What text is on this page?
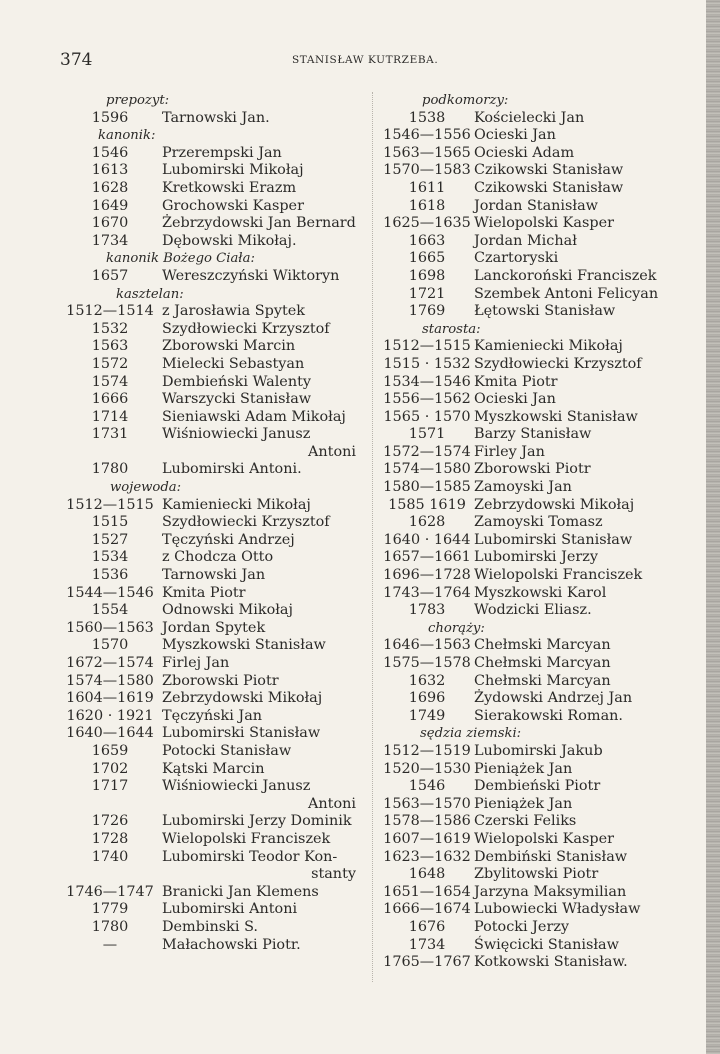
374	STANISŁAW KUTRZEBA.
prepozyt:
1596	Tarnowski Jan.
kanonik:
1546	Przerempski Jan
1613	Lubomirski Mikołaj
1628	Kretkowski Erazm
1649	Grochowski Kasper
1670	Żebrzydowski Jan Bernard
1734	Dębowski Mikołaj.
kanonik Bożego Ciała:
1657	Wereszczyński Wiktoryn
kasztelan:
1512—1514 z Jarosławia Spytek
1532	Szydłowiecki Krzysztof
1563	Zborowski Marcin
1572	Mielecki Sebastyan
1574	Dembieński Walenty
1666	Warszycki Stanisław
1714	Sieniawski Adam Mikołaj
1731	Wiśniowiecki Janusz
Antoni
1780	Lubomirski Antoni.
wojewoda:
1512—1515 Kamieniecki Mikołaj
1515	Szydłowiecki Krzysztof
1527	Tęczyński Andrzej
1534	z Chodcza Otto
1536	Tarnowski Jan
1544—1546 Kmita Piotr
1554	Odnowski Mikołaj
1560—1563 Jordan Spytek
1570	Myszkowski Stanisław
1672—1574 Firlej Jan
1574—1580 Zborowski Piotr
1604—1619 Zebrzydowski Mikołaj
1620 · 1921 Tęczyński Jan
1640—1644 Lubomirski Stanisław
1659	Potocki Stanisław
1702	Kątski Marcin
1717	Wiśniowiecki Janusz
Antoni
1726	Lubomirski Jerzy Dominik
1728	Wielopolski Franciszek
1740	Lubomirski Teodor Kon-
stanty
1746—1747 Branicki Jan Klemens
1779	Lubomirski Antoni
1780	Dembinski S.
—	Małachowski Piotr.
podkomorzy:
1538	Kościelecki Jan
1546—1556 Ocieski Jan
1563—1565 Ocieski Adam
1570—1583 Czikowski Stanisław
1611	Czikowski Stanisław
1618	Jordan Stanisław
1625—1635 Wielopolski Kasper
1663	Jordan Michał
1665	Czartoryski
1698	Lanckoroński Franciszek
1721	Szembek Antoni Felicyan
1769	Łętowski Stanisław
starosta:
1512—1515 Kamieniecki Mikołaj
1515 · 1532 Szydłowiecki Krzysztof
1534—1546 Kmita Piotr
1556—1562 Ocieski Jan
1565 · 1570 Myszkowski Stanisław
1571	Barzy Stanisław
1572—1574 Firley Jan
1574—1580 Zborowski Piotr
1580—1585 Zamoyski Jan
1585 1619 Zebrzydowski Mikołaj
1628	Zamoyski Tomasz
1640 · 1644 Lubomirski Stanisław
1657—1661 Lubomirski Jerzy
1696—1728 Wielopolski Franciszek
1743—1764 Myszkowski Karol
1783	Wodzicki Eliasz.
chorąży:
1646—1563 Chełmski Marcyan
1575—1578 Chełmski Marcyan
1632	Chełmski Marcyan
1696	Żydowski Andrzej Jan
1749	Sierakowski Roman.
sędzia ziemski:
1512—1519 Lubomirski Jakub
1520—1530 Pieniążek Jan
1546	Dembieński Piotr
1563—1570 Pieniążek Jan
1578—1586 Czerski Feliks
1607—1619 Wielopolski Kasper
1623—1632 Dembiński Stanisław
1648	Zbylitowski Piotr
1651—1654 Jarzyna Maksymilian
1666—1674 Lubowiecki Władysław
1676	Potocki Jerzy
1734	Święcicki Stanisław
1765—1767 Kotkowski Stanisław.
